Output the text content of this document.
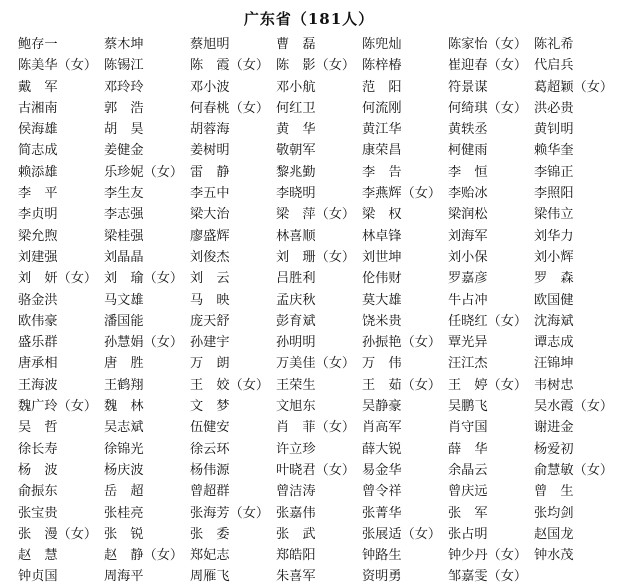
广东省（181人）
鲍存一	蔡木坤	蔡旭明	曹　磊	陈兜灿	陈家怡（女） 陈礼希
陈美华（女） 陈锡江	陈　霞（女） 陈　影（女） 陈梓椿	崔迎春（女） 代启兵
戴　军	邓玲玲	邓小波	邓小航	范　阳	符景谋	葛超颖（女）
古湘南	郭　浩	何春桃（女） 何红卫	何流刚	何绮琪（女） 洪必贵
侯海雄	胡　昊	胡蓉海	黄　华	黄江华	黄轶丞	黄钊明
简志成	姜健金	姜树明	敬朝军	康荣昌	柯健雨	赖华奎
赖添雄	乐珍妮（女） 雷　静	黎兆勤	李　告	李　恒	李锦正
李　平	李生友	李五中	李晓明	李燕辉（女） 李贻冰	李照阳
李贞明	李志强	梁大治	梁　萍（女） 梁　权	梁润松	梁伟立
梁允煦	梁桂强	廖盛辉	林喜顺	林卓锋	刘海军	刘华力
刘建强	刘晶晶	刘俊杰	刘　珊（女） 刘世坤	刘小保	刘小辉
刘　妍（女） 刘　瑜（女） 刘　云	吕胜利	伦伟财	罗嘉彦	罗　森
骆金洪	马文雄	马　映	孟庆秋	莫大雄	牛占冲	欧国健
欧伟豪	潘国能	庞天舒	彭育斌	饶米贵	任晓红（女） 沈海斌
盛乐群	孙慧娟（女） 孙建宇	孙明明	孙振艳（女） 覃光异	谭志成
唐承相	唐　胜	万　朗	万美佳（女） 万　伟	汪江杰	汪锦坤
王海波	王鹤翔	王　姣（女） 王荣生	王　茹（女） 王　婷（女） 韦树忠
魏广玲（女） 魏　林	文　梦	文旭东	吴静豪	吴鹏飞	吴水霞（女）
吴　哲	吴志斌	伍健安	肖　菲（女） 肖高军	肖守国	谢进金
徐长寿	徐锦光	徐云环	许立珍	薛大锐	薛　华	杨爱初
杨　波	杨庆波	杨伟源	叶晓君（女） 易金华	余晶云	俞慧敏（女）
俞振东	岳　超	曾超群	曾洁涛	曾令祥	曾庆远	曾　生
张宝贵	张桂亮	张海芳（女） 张嘉伟	张菁华	张　军	张均剑
张　漫（女） 张　锐	张　委	张　武	张展适（女） 张占明	赵国龙
赵　慧	赵　静（女） 郑妃志	郑皓阳	钟路生	钟少丹（女） 钟水茂
钟贞国	周海平	周雁飞	朱喜军	资明勇	邹嘉雯（女）
